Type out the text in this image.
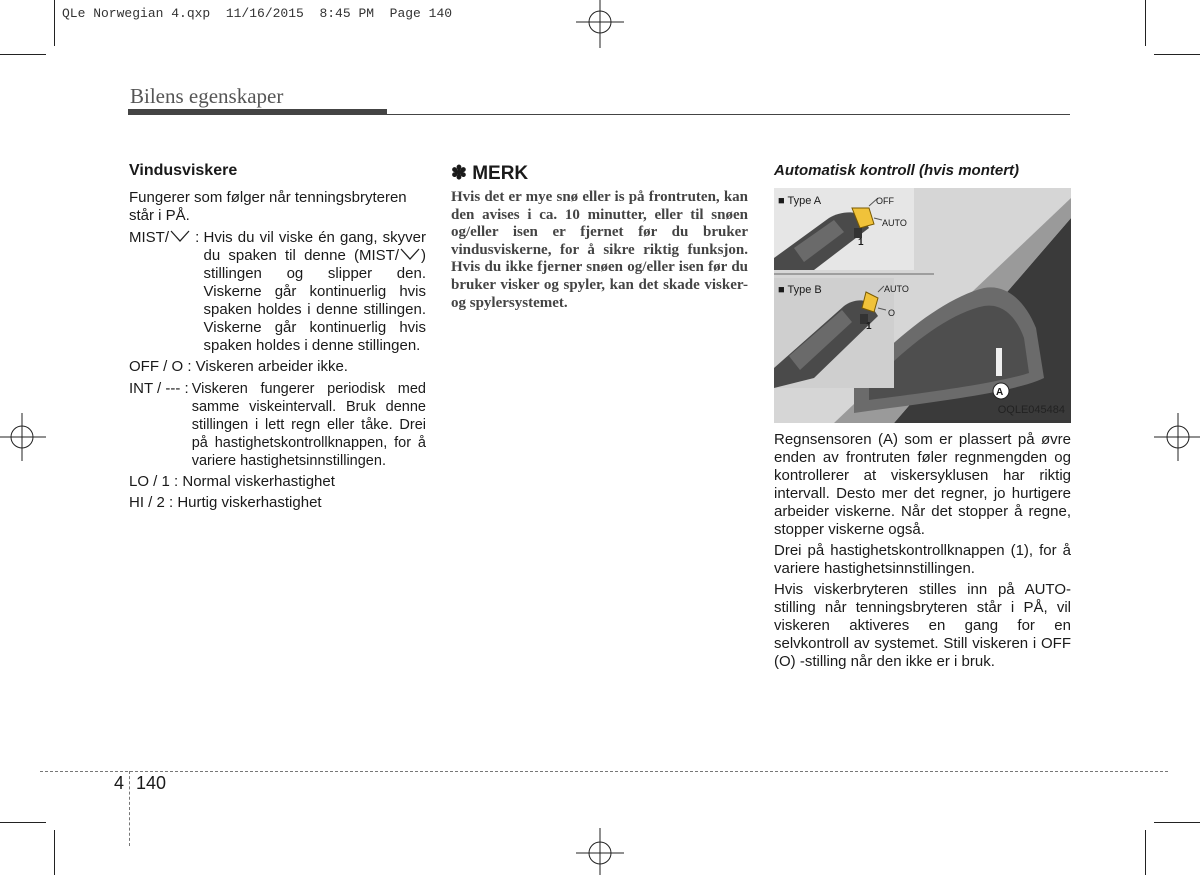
QLe Norwegian 4.qxp  11/16/2015  8:45 PM  Page 140
Bilens egenskaper
Vindusviskere

Fungerer som følger når tenningsbryteren står i PÅ.

MIST/ : Hvis du vil viske én gang, skyver du spaken til denne (MIST/ ) stillingen og slipper den. Viskerne går kontinuerlig hvis spaken holdes i denne stillingen. Viskerne går kontinuerlig hvis spaken holdes i denne stillingen.
OFF / O : Viskeren arbeider ikke.
INT / --- : Viskeren fungerer periodisk med samme viskeintervall. Bruk denne stillingen i lett regn eller tåke. Drei på hastighetskontrollknappen, for å variere hastighetsinnstillingen.
LO / 1 : Normal viskerhastighet
HI / 2 : Hurtig viskerhastighet
✽ MERK

Hvis det er mye snø eller is på frontruten, kan den avises i ca. 10 minutter, eller til snøen og/eller isen er fjernet før du bruker vindusviskerne, for å sikre riktig funksjon. Hvis du ikke fjerner snøen og/eller isen før du bruker visker og spyler, kan det skade visker- og spylersystemet.

Automatisk kontroll (hvis montert)
■ Type A	OFF
AUTO
1
■ Type B	AUTO
O
1
A
OQLE045484

Regnsensoren (A) som er plassert på øvre enden av frontruten føler regnmengden og kontrollerer at viskersyklusen har riktig intervall. Desto mer det regner, jo hurtigere arbeider viskerne. Når det stopper å regne, stopper viskerne også.

Drei på hastighetskontrollknappen (1), for å variere hastighetsinnstillingen.

Hvis viskerbryteren stilles inn på AUTO-stilling når tenningsbryteren står i PÅ, vil viskeren aktiveres en gang for en selvkontroll av systemet. Still viskeren i OFF (O) -stilling når den ikke er i bruk.

4 140
